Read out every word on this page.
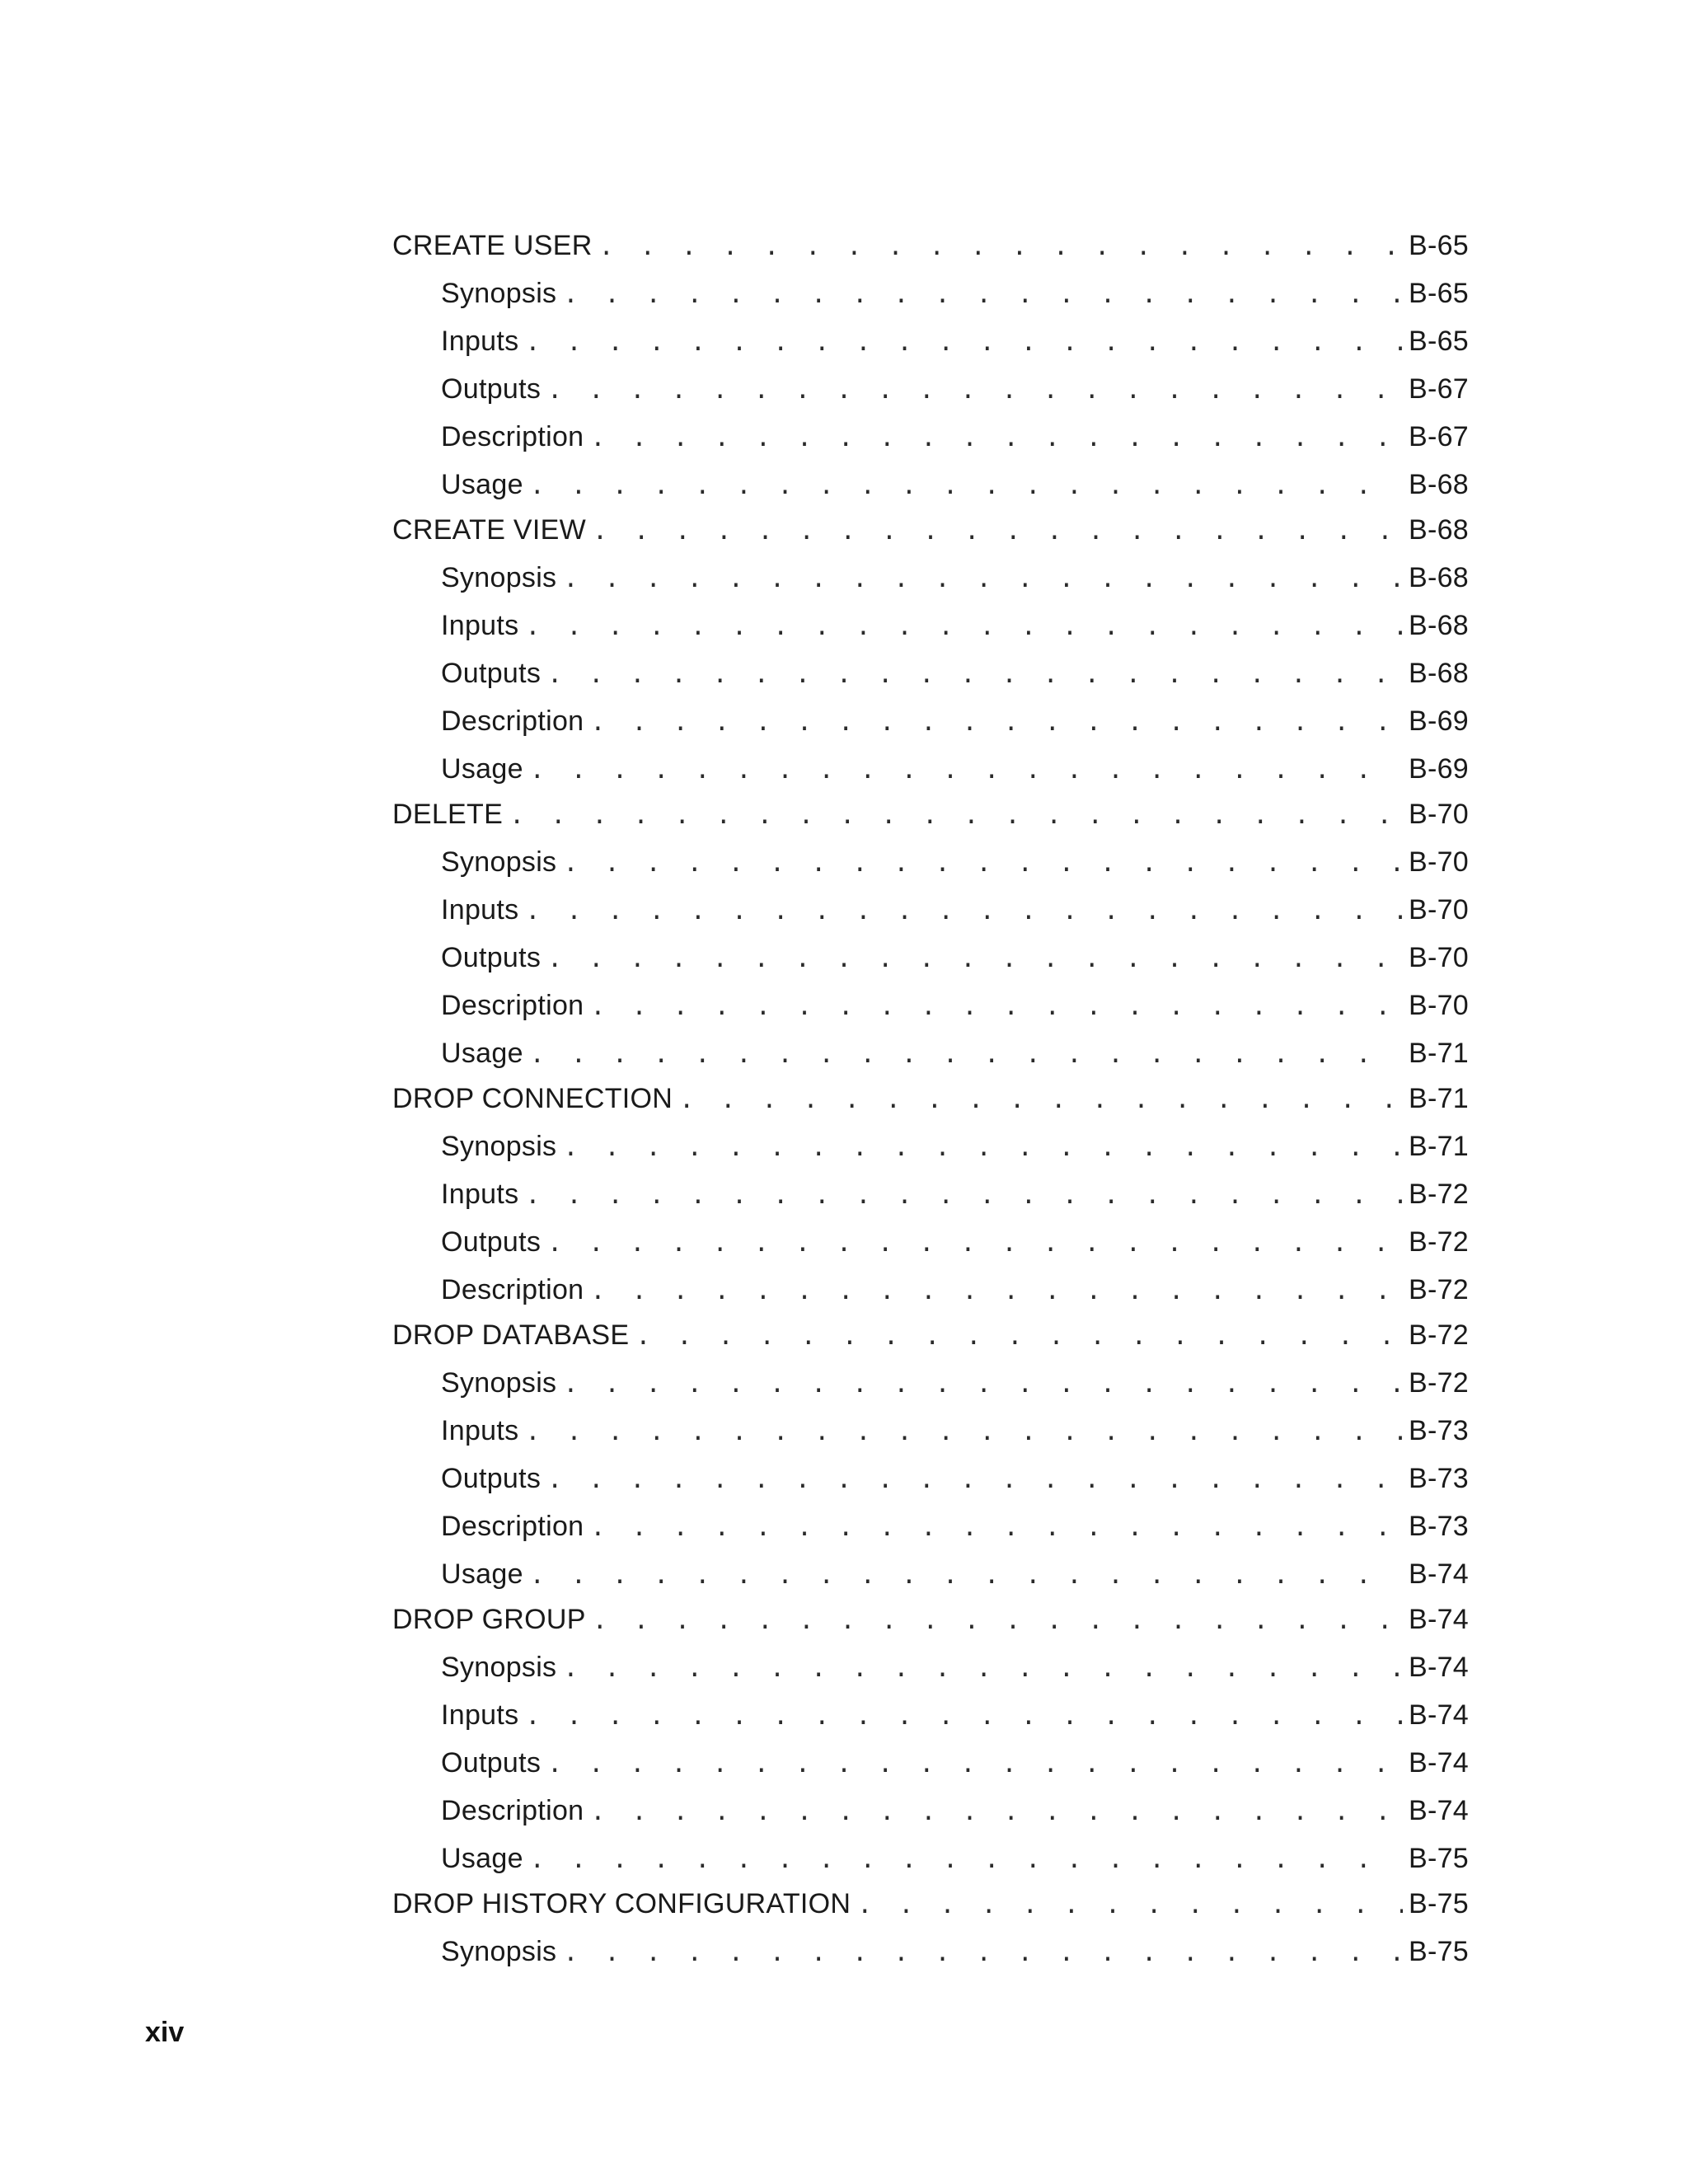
CREATE USER . . .	B-65
Synopsis . . .	B-65
Inputs . . .	B-65
Outputs . . .	B-67
Description . . .	B-67
Usage . . .	B-68
CREATE VIEW . . .	B-68
Synopsis . . .	B-68
Inputs . . .	B-68
Outputs . . .	B-68
Description . . .	B-69
Usage . . .	B-69
DELETE . . .	B-70
Synopsis . . .	B-70
Inputs . . .	B-70
Outputs . . .	B-70
Description . . .	B-70
Usage . . .	B-71
DROP CONNECTION . . .	B-71
Synopsis . . .	B-71
Inputs . . .	B-72
Outputs . . .	B-72
Description . . .	B-72
DROP DATABASE . . .	B-72
Synopsis . . .	B-72
Inputs . . .	B-73
Outputs . . .	B-73
Description . . .	B-73
Usage . . .	B-74
DROP GROUP . . .	B-74
Synopsis . . .	B-74
Inputs . . .	B-74
Outputs . . .	B-74
Description . . .	B-74
Usage . . .	B-75
DROP HISTORY CONFIGURATION . . .	B-75
Synopsis . . .	B-75
xiv
